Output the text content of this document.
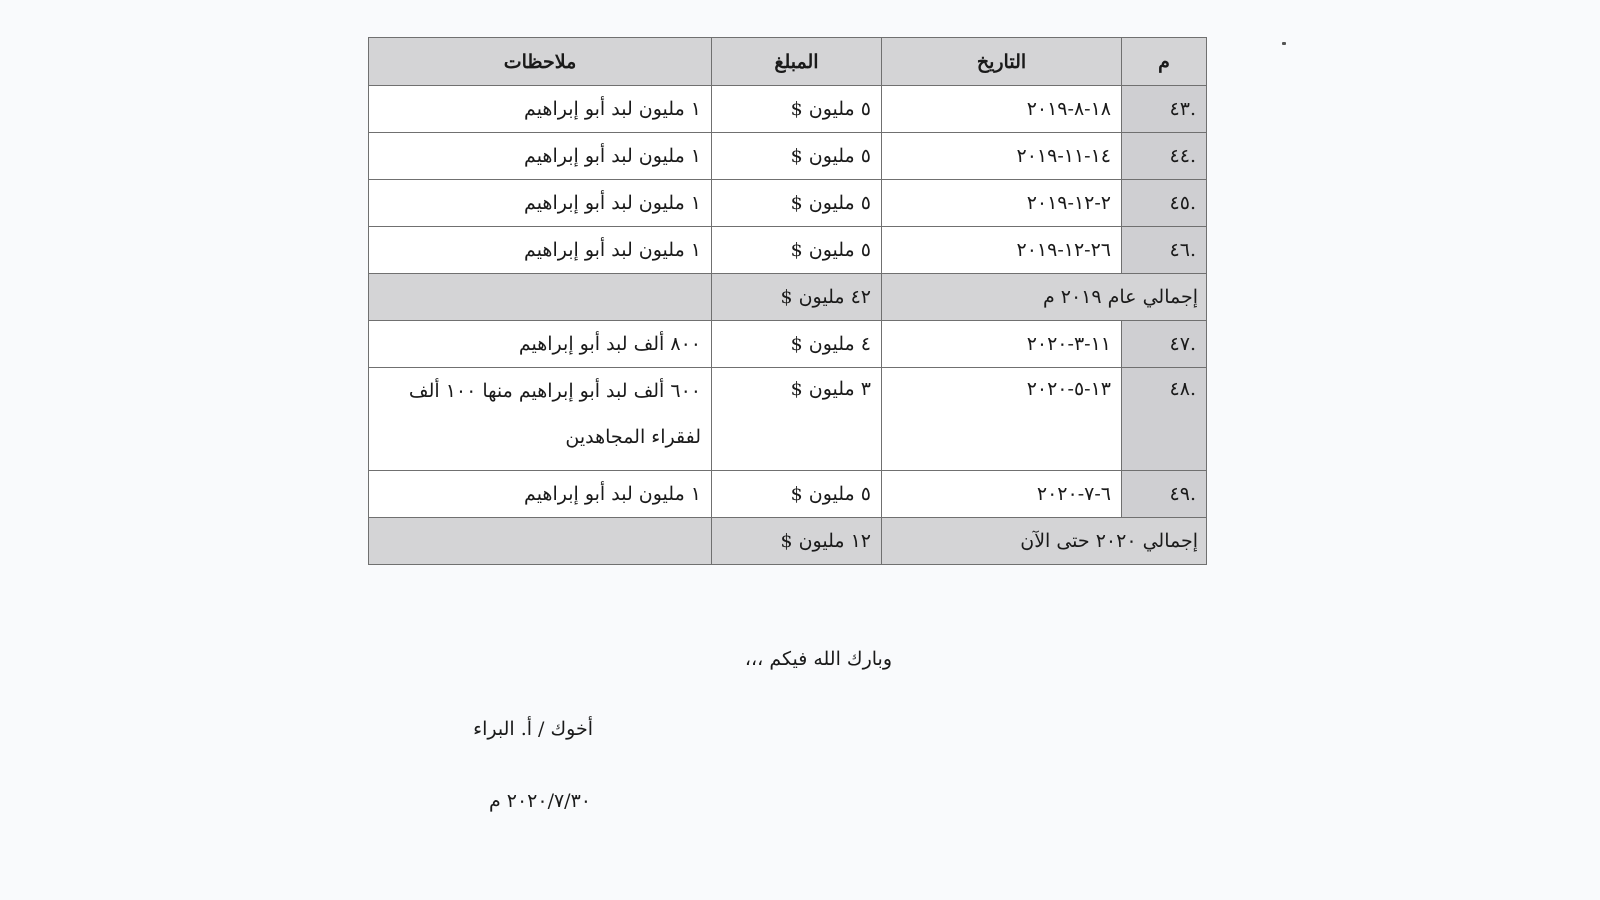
م	التاريخ	المبلغ	ملاحظات
.٤٣	١٨-٨-٢٠١٩	٥ مليون $	١ مليون لبد أبو إبراهيم
.٤٤	١٤-١١-٢٠١٩	٥ مليون $	١ مليون لبد أبو إبراهيم
.٤٥	٢-١٢-٢٠١٩	٥ مليون $	١ مليون لبد أبو إبراهيم
.٤٦	٢٦-١٢-٢٠١٩	٥ مليون $	١ مليون لبد أبو إبراهيم
إجمالي عام ٢٠١٩ م		٤٢ مليون $	
.٤٧	١١-٣-٢٠٢٠	٤ مليون $	٨٠٠ ألف لبد أبو إبراهيم
.٤٨	١٣-٥-٢٠٢٠	٣ مليون $	٦٠٠ ألف لبد أبو إبراهيم منها ١٠٠ ألف لفقراء المجاهدين
.٤٩	٦-٧-٢٠٢٠	٥ مليون $	١ مليون لبد أبو إبراهيم
إجمالي ٢٠٢٠ حتى الآن		١٢ مليون $	
وبارك الله فيكم ،،،
أخوك / أ. البراء
٢٠٢٠/٧/٣٠ م
